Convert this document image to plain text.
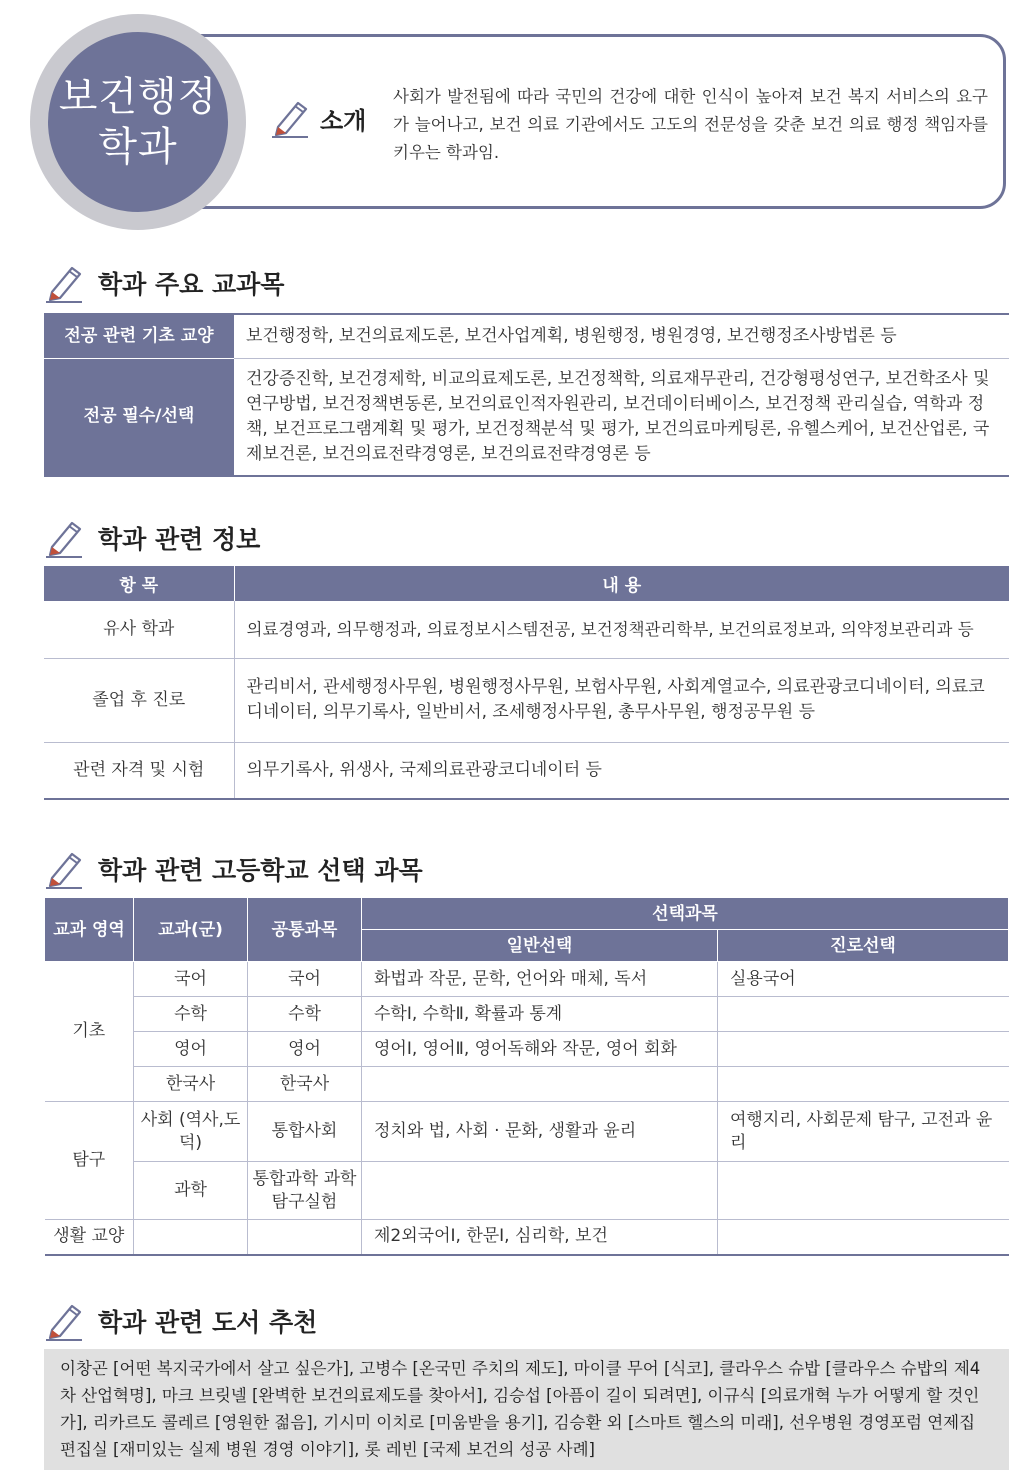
보건행정
학과
소개
사회가 발전됨에 따라 국민의 건강에 대한 인식이 높아져 보건 복지 서비스의 요구가 늘어나고, 보건 의료 기관에서도 고도의 전문성을 갖춘 보건 의료 행정 책임자를 키우는 학과임.
학과 주요 교과목
전공 관련 기초 교양	보건행정학, 보건의료제도론, 보건사업계획, 병원행정, 병원경영, 보건행정조사방법론 등
전공 필수/선택	건강증진학, 보건경제학, 비교의료제도론, 보건정책학, 의료재무관리, 건강형평성연구, 보건학조사 및 연구방법, 보건정책변동론, 보건의료인적자원관리, 보건데이터베이스, 보건정책 관리실습, 역학과 정책, 보건프로그램계획 및 평가, 보건정책분석 및 평가, 보건의료마케팅론, 유헬스케어, 보건산업론, 국제보건론, 보건의료전략경영론, 보건의료전략경영론 등
학과 관련 정보
항 목	내 용
유사 학과	의료경영과, 의무행정과, 의료정보시스템전공, 보건정책관리학부, 보건의료정보과, 의약정보관리과 등
졸업 후 진로	관리비서, 관세행정사무원, 병원행정사무원, 보험사무원, 사회계열교수, 의료관광코디네이터, 의료코디네이터, 의무기록사, 일반비서, 조세행정사무원, 총무사무원, 행정공무원 등
관련 자격 및 시험	의무기록사, 위생사, 국제의료관광코디네이터 등
학과 관련 고등학교 선택 과목
교과 영역	교과(군)	공통과목	선택과목	
			일반선택	진로선택
기초	국어	국어	화법과 작문, 문학, 언어와 매체, 독서	실용국어
	수학	수학	수학Ⅰ, 수학Ⅱ, 확률과 통계	
	영어	영어	영어Ⅰ, 영어Ⅱ, 영어독해와 작문, 영어 회화	
	한국사	한국사		
탐구	사회 (역사,도덕)	통합사회	정치와 법, 사회 · 문화, 생활과 윤리	여행지리, 사회문제 탐구, 고전과 윤리
	과학	통합과학 과학탐구실험		
생활 교양			제2외국어Ⅰ, 한문Ⅰ, 심리학, 보건	
학과 관련 도서 추천
이창곤 [어떤 복지국가에서 살고 싶은가], 고병수 [온국민 주치의 제도], 마이클 무어 [식코], 클라우스 슈밥 [클라우스 슈밥의 제4차 산업혁명], 마크 브릿넬 [완벽한 보건의료제도를 찾아서], 김승섭 [아픔이 길이 되려면], 이규식 [의료개혁 누가 어떻게 할 것인가], 리카르도 콜레르 [영원한 젊음], 기시미 이치로 [미움받을 용기], 김승환 외 [스마트 헬스의 미래], 선우병원 경영포럼 연제집 편집실 [재미있는 실제 병원 경영 이야기], 롯 레빈 [국제 보건의 성공 사례]
